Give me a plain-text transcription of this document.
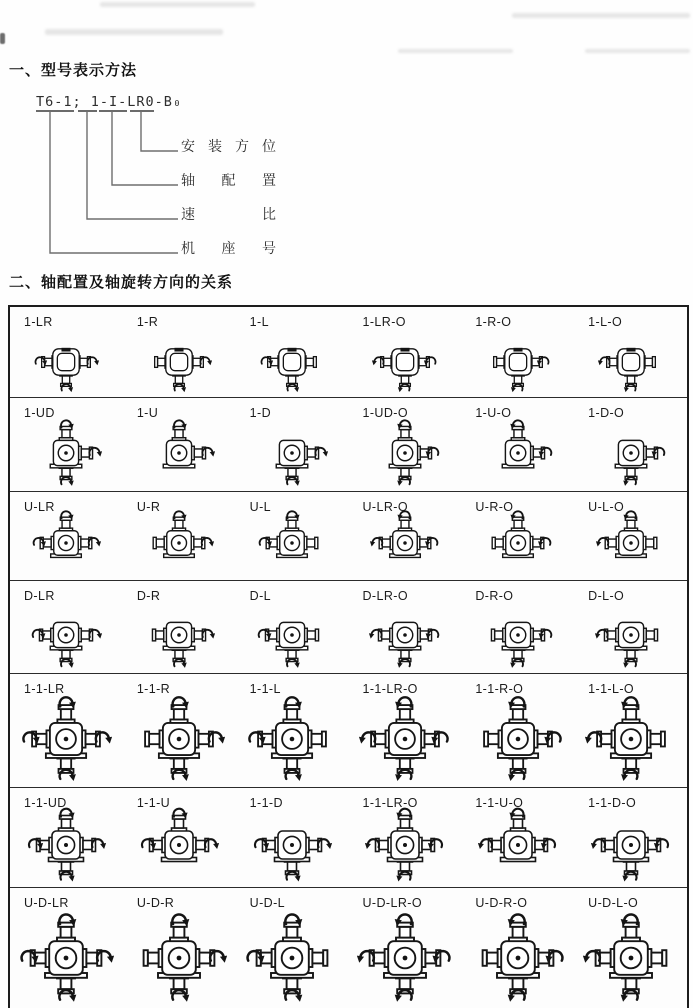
一、型号表示方法
T6-1; 1-I-LR0-B₀
安装方位
轴配置
速比
机座号
二、轴配置及轴旋转方向的关系
1-LR	1-R	1-L	1-LR-O	1-R-O	1-L-O
1-UD	1-U	1-D	1-UD-O	1-U-O	1-D-O
U-LR	U-R	U-L	U-LR-O	U-R-O	U-L-O
D-LR	D-R	D-L	D-LR-O	D-R-O	D-L-O
1-1-LR	1-1-R	1-1-L	1-1-LR-O	1-1-R-O	1-1-L-O
1-1-UD	1-1-U	1-1-D	1-1-LR-O	1-1-U-O	1-1-D-O
U-D-LR	U-D-R	U-D-L	U-D-LR-O	U-D-R-O	U-D-L-O
